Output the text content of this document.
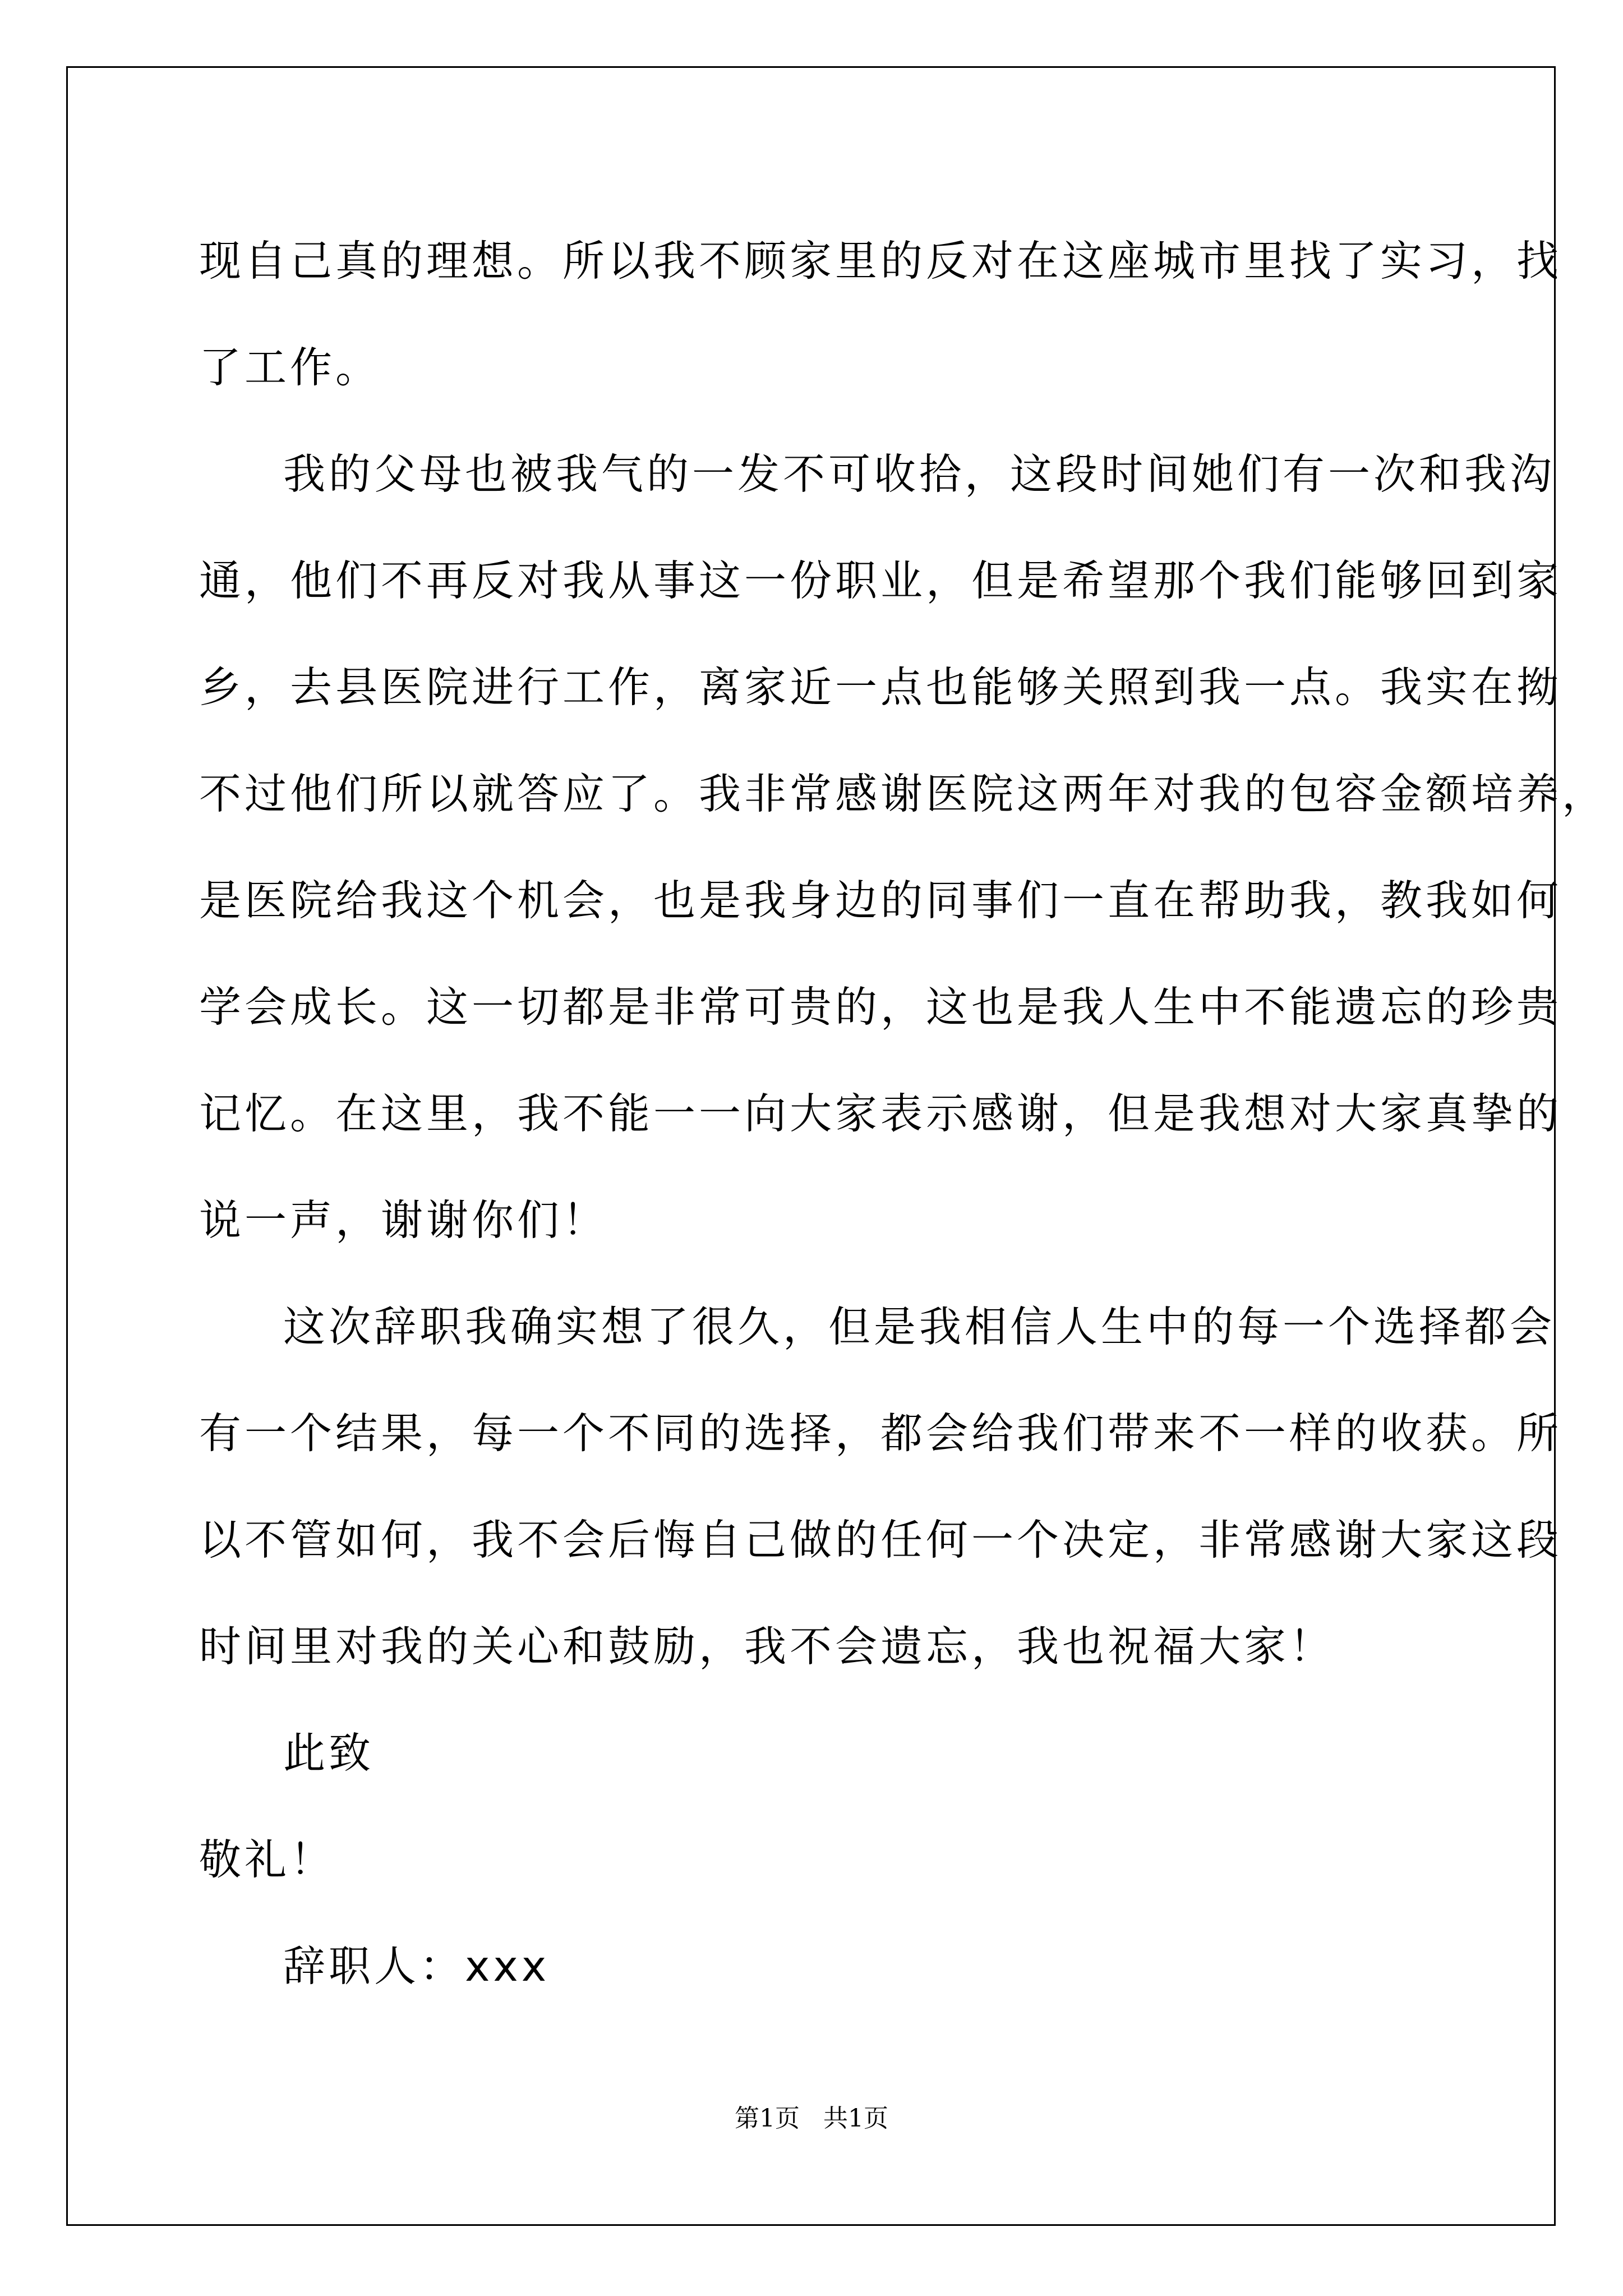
现自己真的理想。所以我不顾家里的反对在这座城市里找了实习，找
了工作。
我的父母也被我气的一发不可收拾，这段时间她们有一次和我沟
通，他们不再反对我从事这一份职业，但是希望那个我们能够回到家
乡，去县医院进行工作，离家近一点也能够关照到我一点。我实在拗
不过他们所以就答应了。我非常感谢医院这两年对我的包容金额培养，
是医院给我这个机会，也是我身边的同事们一直在帮助我，教我如何
学会成长。这一切都是非常可贵的，这也是我人生中不能遗忘的珍贵
记忆。在这里，我不能一一向大家表示感谢，但是我想对大家真挚的
说一声，谢谢你们！
这次辞职我确实想了很久，但是我相信人生中的每一个选择都会
有一个结果，每一个不同的选择，都会给我们带来不一样的收获。所
以不管如何，我不会后悔自己做的任何一个决定，非常感谢大家这段
时间里对我的关心和鼓励，我不会遗忘，我也祝福大家！
此致
敬礼！
辞职人：xxx
第1页   共1页
